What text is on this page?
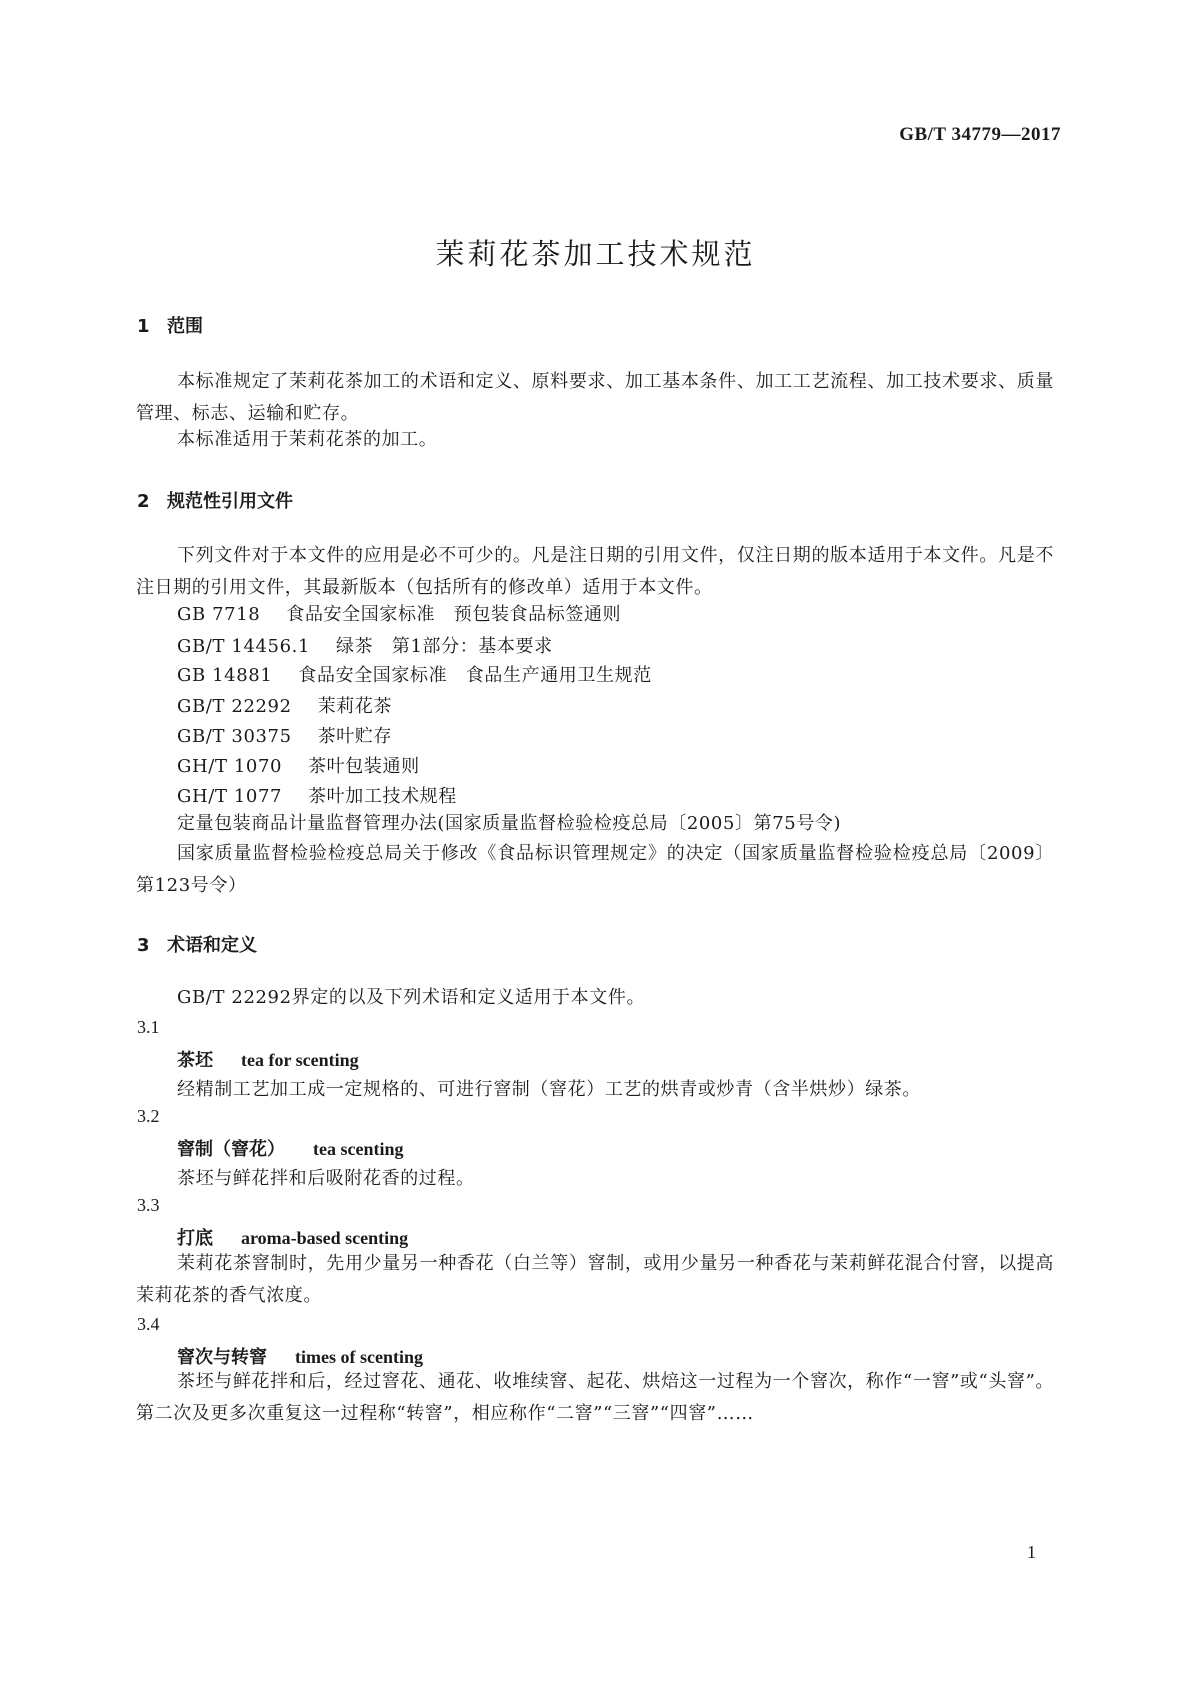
GB/T 34779—2017
茉莉花茶加工技术规范
1 范围
本标准规定了茉莉花茶加工的术语和定义、原料要求、加工基本条件、加工工艺流程、加工技术要求、质量管理、标志、运输和贮存。
本标准适用于茉莉花茶的加工。
2 规范性引用文件
下列文件对于本文件的应用是必不可少的。凡是注日期的引用文件，仅注日期的版本适用于本文件。凡是不注日期的引用文件，其最新版本（包括所有的修改单）适用于本文件。
GB 7718 食品安全国家标准　预包装食品标签通则
GB/T 14456.1 绿茶　第1部分：基本要求
GB 14881 食品安全国家标准　食品生产通用卫生规范
GB/T 22292 茉莉花茶
GB/T 30375 茶叶贮存
GH/T 1070 茶叶包装通则
GH/T 1077 茶叶加工技术规程
定量包装商品计量监督管理办法(国家质量监督检验检疫总局〔2005〕第75号令)
国家质量监督检验检疫总局关于修改《食品标识管理规定》的决定（国家质量监督检验检疫总局〔2009〕第123号令）
3 术语和定义
GB/T 22292界定的以及下列术语和定义适用于本文件。
3.1
茶坯 tea for scenting
经精制工艺加工成一定规格的、可进行窨制（窨花）工艺的烘青或炒青（含半烘炒）绿茶。
3.2
窨制（窨花） tea scenting
茶坯与鲜花拌和后吸附花香的过程。
3.3
打底 aroma-based scenting
茉莉花茶窨制时，先用少量另一种香花（白兰等）窨制，或用少量另一种香花与茉莉鲜花混合付窨，以提高茉莉花茶的香气浓度。
3.4
窨次与转窨 times of scenting
茶坯与鲜花拌和后，经过窨花、通花、收堆续窨、起花、烘焙这一过程为一个窨次，称作“一窨”或“头窨”。第二次及更多次重复这一过程称“转窨”，相应称作“二窨”“三窨”“四窨”……
1
